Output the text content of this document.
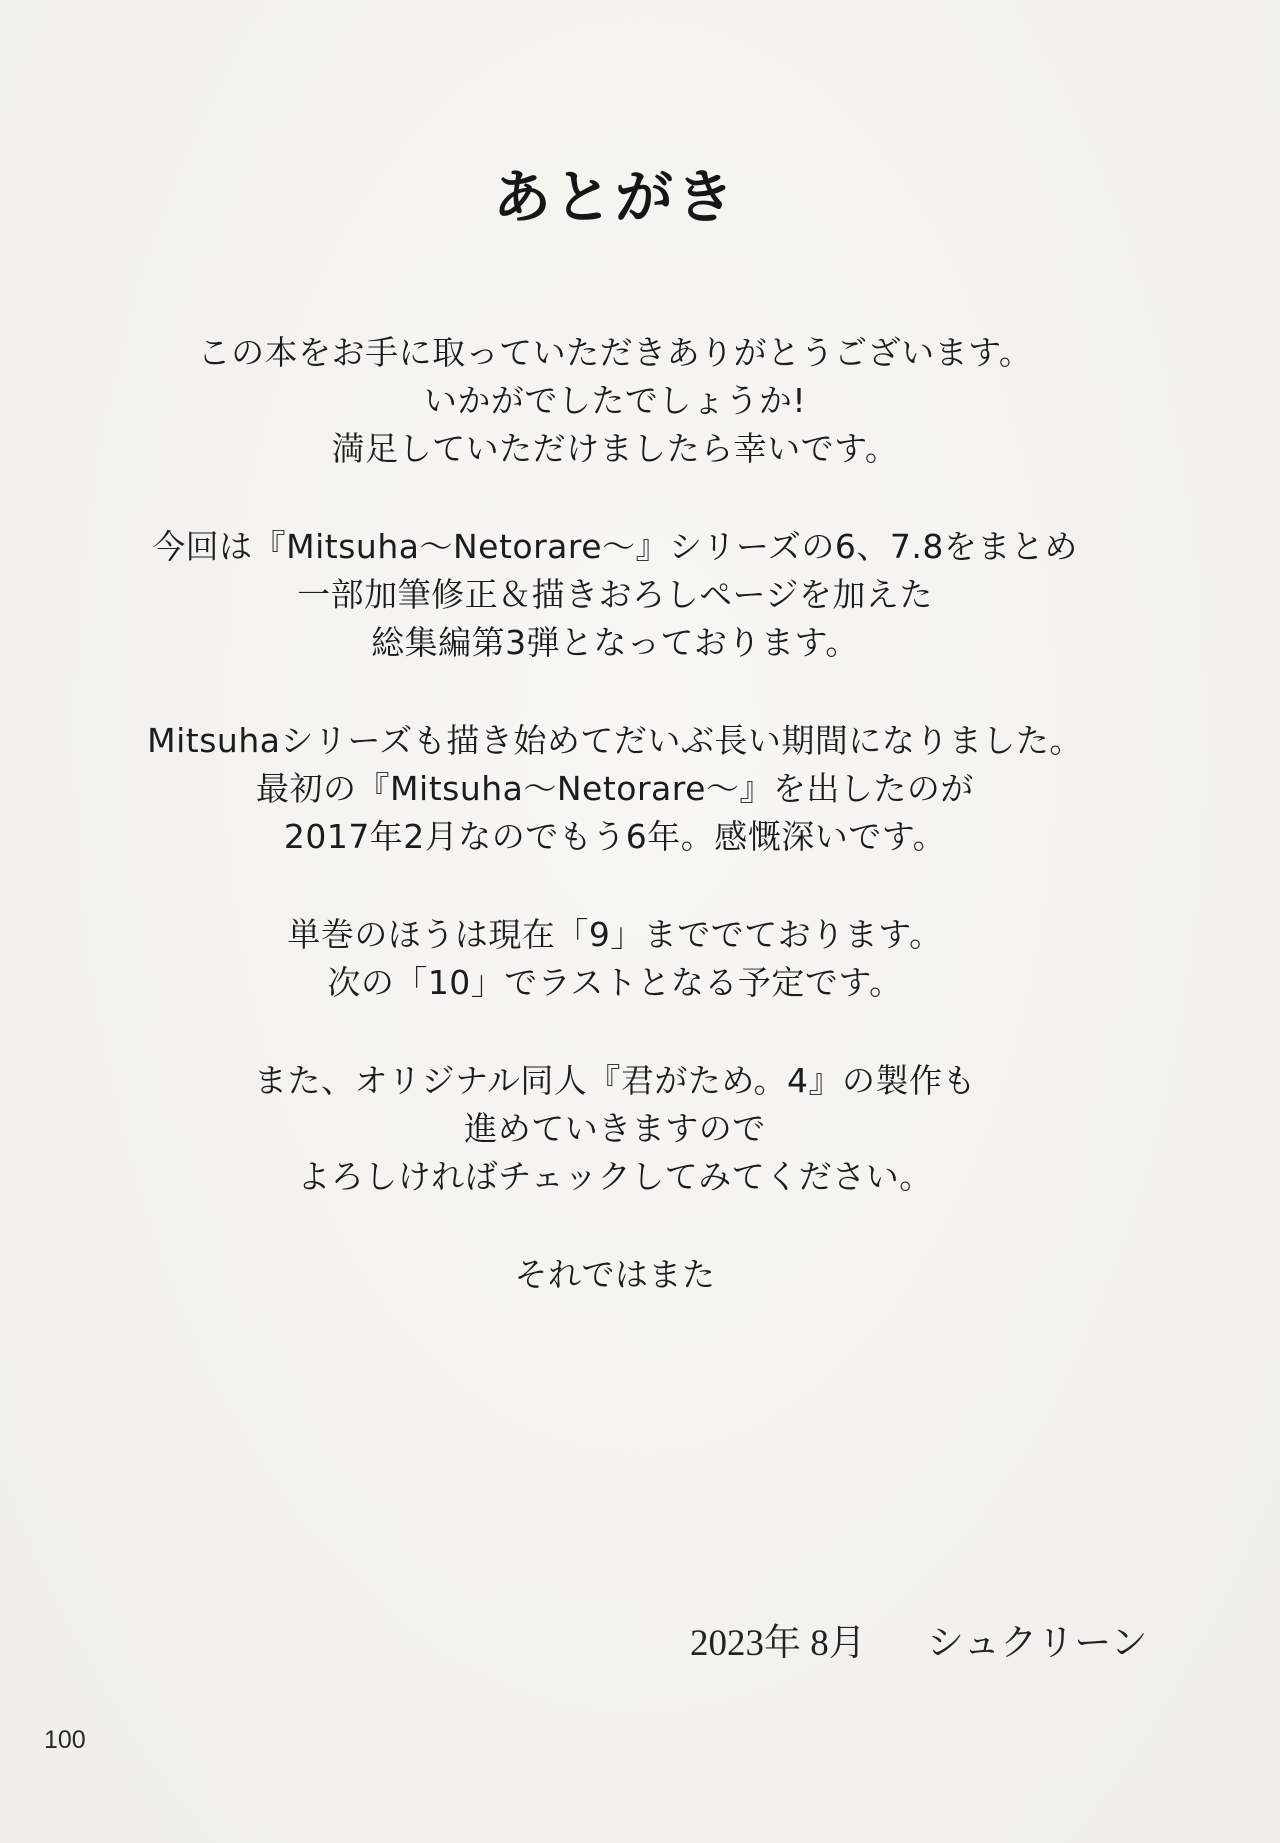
あとがき
この本をお手に取っていただきありがとうございます。
いかがでしたでしょうか!
満足していただけましたら幸いです。
今回は『Mitsuha〜Netorare〜』シリーズの6、7.8をまとめ
一部加筆修正＆描きおろしページを加えた
総集編第3弾となっております。
Mitsuhaシリーズも描き始めてだいぶ長い期間になりました。
最初の『Mitsuha〜Netorare〜』を出したのが
2017年2月なのでもう6年。感慨深いです。
単巻のほうは現在「9」まででております。
次の「10」でラストとなる予定です。
また、オリジナル同人『君がため。4』の製作も
進めていきますので
よろしければチェックしてみてください。
それではまた
2023年 8月 シュクリーン
100
